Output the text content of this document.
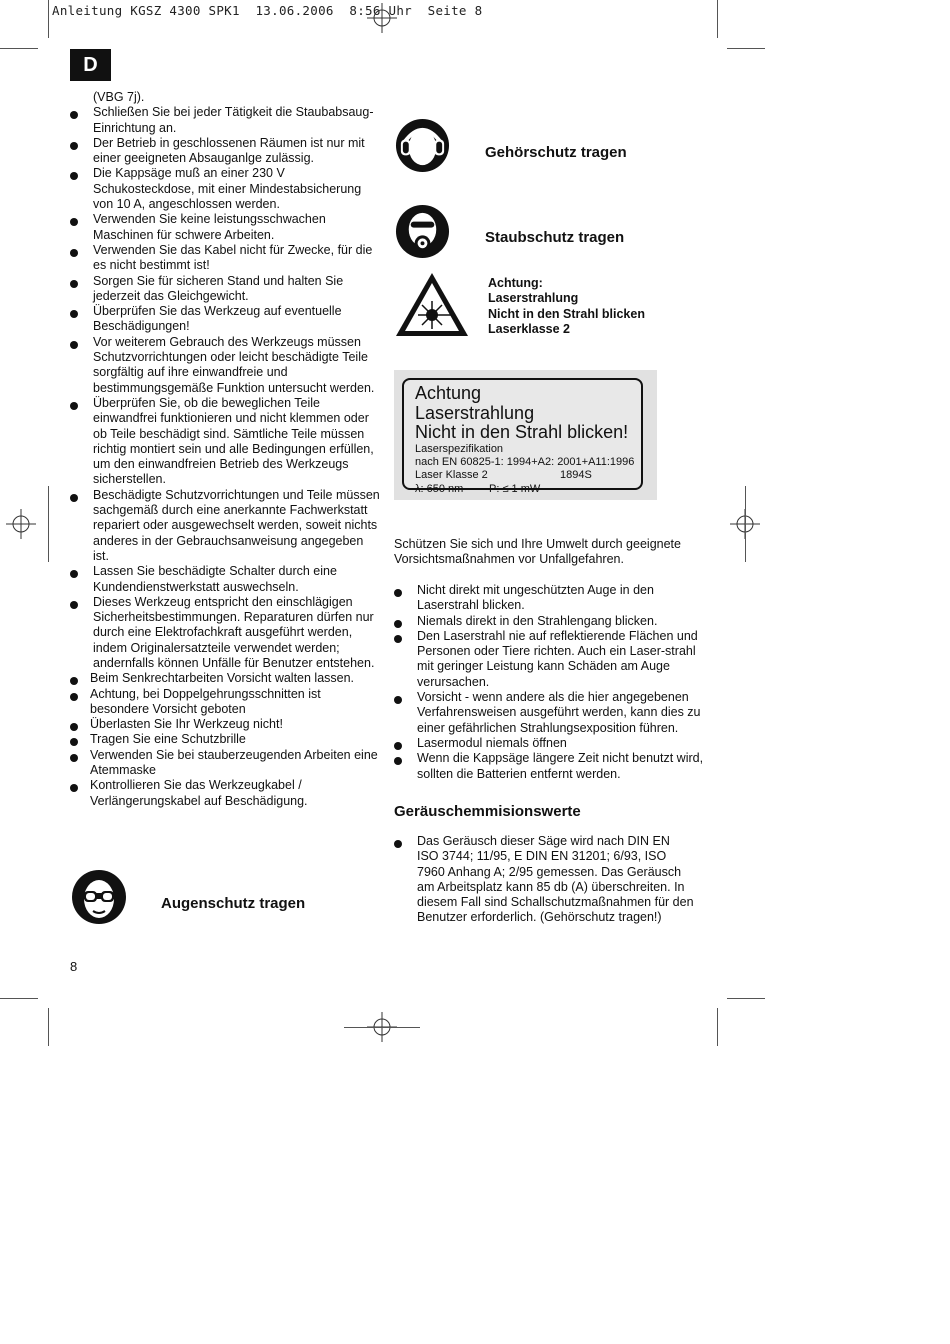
Anleitung KGSZ 4300 SPK1  13.06.2006  8:56 Uhr  Seite 8
D
(VBG 7j).
Schließen Sie bei jeder Tätigkeit die Staubabsaug-Einrichtung an.
Der Betrieb in geschlossenen Räumen ist nur mit einer geeigneten Absauganlge zulässig.
Die Kappsäge muß an einer 230 V Schukosteckdose, mit einer Mindestabsicherung von 10 A, angeschlossen werden.
Verwenden Sie keine leistungsschwachen Maschinen für schwere Arbeiten.
Verwenden Sie das Kabel nicht für Zwecke, für die es nicht bestimmt ist!
Sorgen Sie für sicheren Stand und halten Sie jederzeit das Gleichgewicht.
Überprüfen Sie das Werkzeug auf eventuelle Beschädigungen!
Vor weiterem Gebrauch des Werkzeugs müssen Schutzvorrichtungen oder leicht beschädigte Teile sorgfältig auf ihre einwandfreie und bestimmungsgemäße Funktion untersucht werden.
Überprüfen Sie, ob die beweglichen Teile einwandfrei funktionieren und nicht klemmen oder ob Teile beschädigt sind. Sämtliche Teile müssen richtig montiert sein und alle Bedingungen erfüllen, um den einwandfreien Betrieb des Werkzeugs sicherstellen.
Beschädigte Schutzvorrichtungen und Teile müssen sachgemäß durch eine anerkannte Fachwerkstatt repariert oder ausgewechselt werden, soweit nichts anderes in der Gebrauchsanweisung angegeben ist.
Lassen Sie beschädigte Schalter durch eine Kundendienstwerkstatt auswechseln.
Dieses Werkzeug entspricht den einschlägigen Sicherheitsbestimmungen. Reparaturen dürfen nur durch eine Elektrofachkraft ausgeführt werden, indem Originalersatzteile verwendet werden; andernfalls können Unfälle für Benutzer entstehen.
Beim Senkrechtarbeiten Vorsicht walten lassen.
Achtung, bei Doppelgehrungsschnitten ist besondere Vorsicht geboten
Überlasten Sie Ihr Werkzeug nicht!
Tragen Sie eine Schutzbrille
Verwenden Sie bei stauberzeugenden Arbeiten eine Atemmaske
Kontrollieren Sie das Werkzeugkabel / Verlängerungskabel auf Beschädigung.
Augenschutz tragen
Gehörschutz tragen
Staubschutz tragen
Achtung:
Laserstrahlung
Nicht in den Strahl blicken
Laserklasse 2
Achtung
Laserstrahlung
Nicht in den Strahl blicken!
Laserspezifikation
nach EN 60825-1: 1994+A2: 2001+A11:1996
Laser Klasse 2	1894S
λ: 650 nm	P: ≤ 1 mW
Schützen Sie sich und Ihre Umwelt durch geeignete Vorsichtsmaßnahmen vor Unfallgefahren.
Nicht direkt mit ungeschützten Auge in den Laserstrahl blicken.
Niemals direkt in den Strahlengang blicken.
Den Laserstrahl nie auf reflektierende Flächen und Personen oder Tiere richten. Auch ein Laser-strahl mit geringer Leistung kann Schäden am Auge verursachen.
Vorsicht - wenn andere als die hier angegebenen Verfahrensweisen ausgeführt werden, kann dies zu einer gefährlichen Strahlungsexposition führen.
Lasermodul niemals öffnen
Wenn die Kappsäge längere Zeit nicht benutzt wird, sollten die Batterien entfernt werden.
Geräuschemmisionswerte
Das Geräusch dieser Säge wird nach DIN EN ISO 3744; 11/95, E DIN EN 31201; 6/93, ISO 7960 Anhang A; 2/95 gemessen. Das Geräusch am Arbeitsplatz kann 85 db (A) überschreiten. In diesem Fall sind Schallschutzmaßnahmen für den Benutzer erforderlich. (Gehörschutz tragen!)
8
